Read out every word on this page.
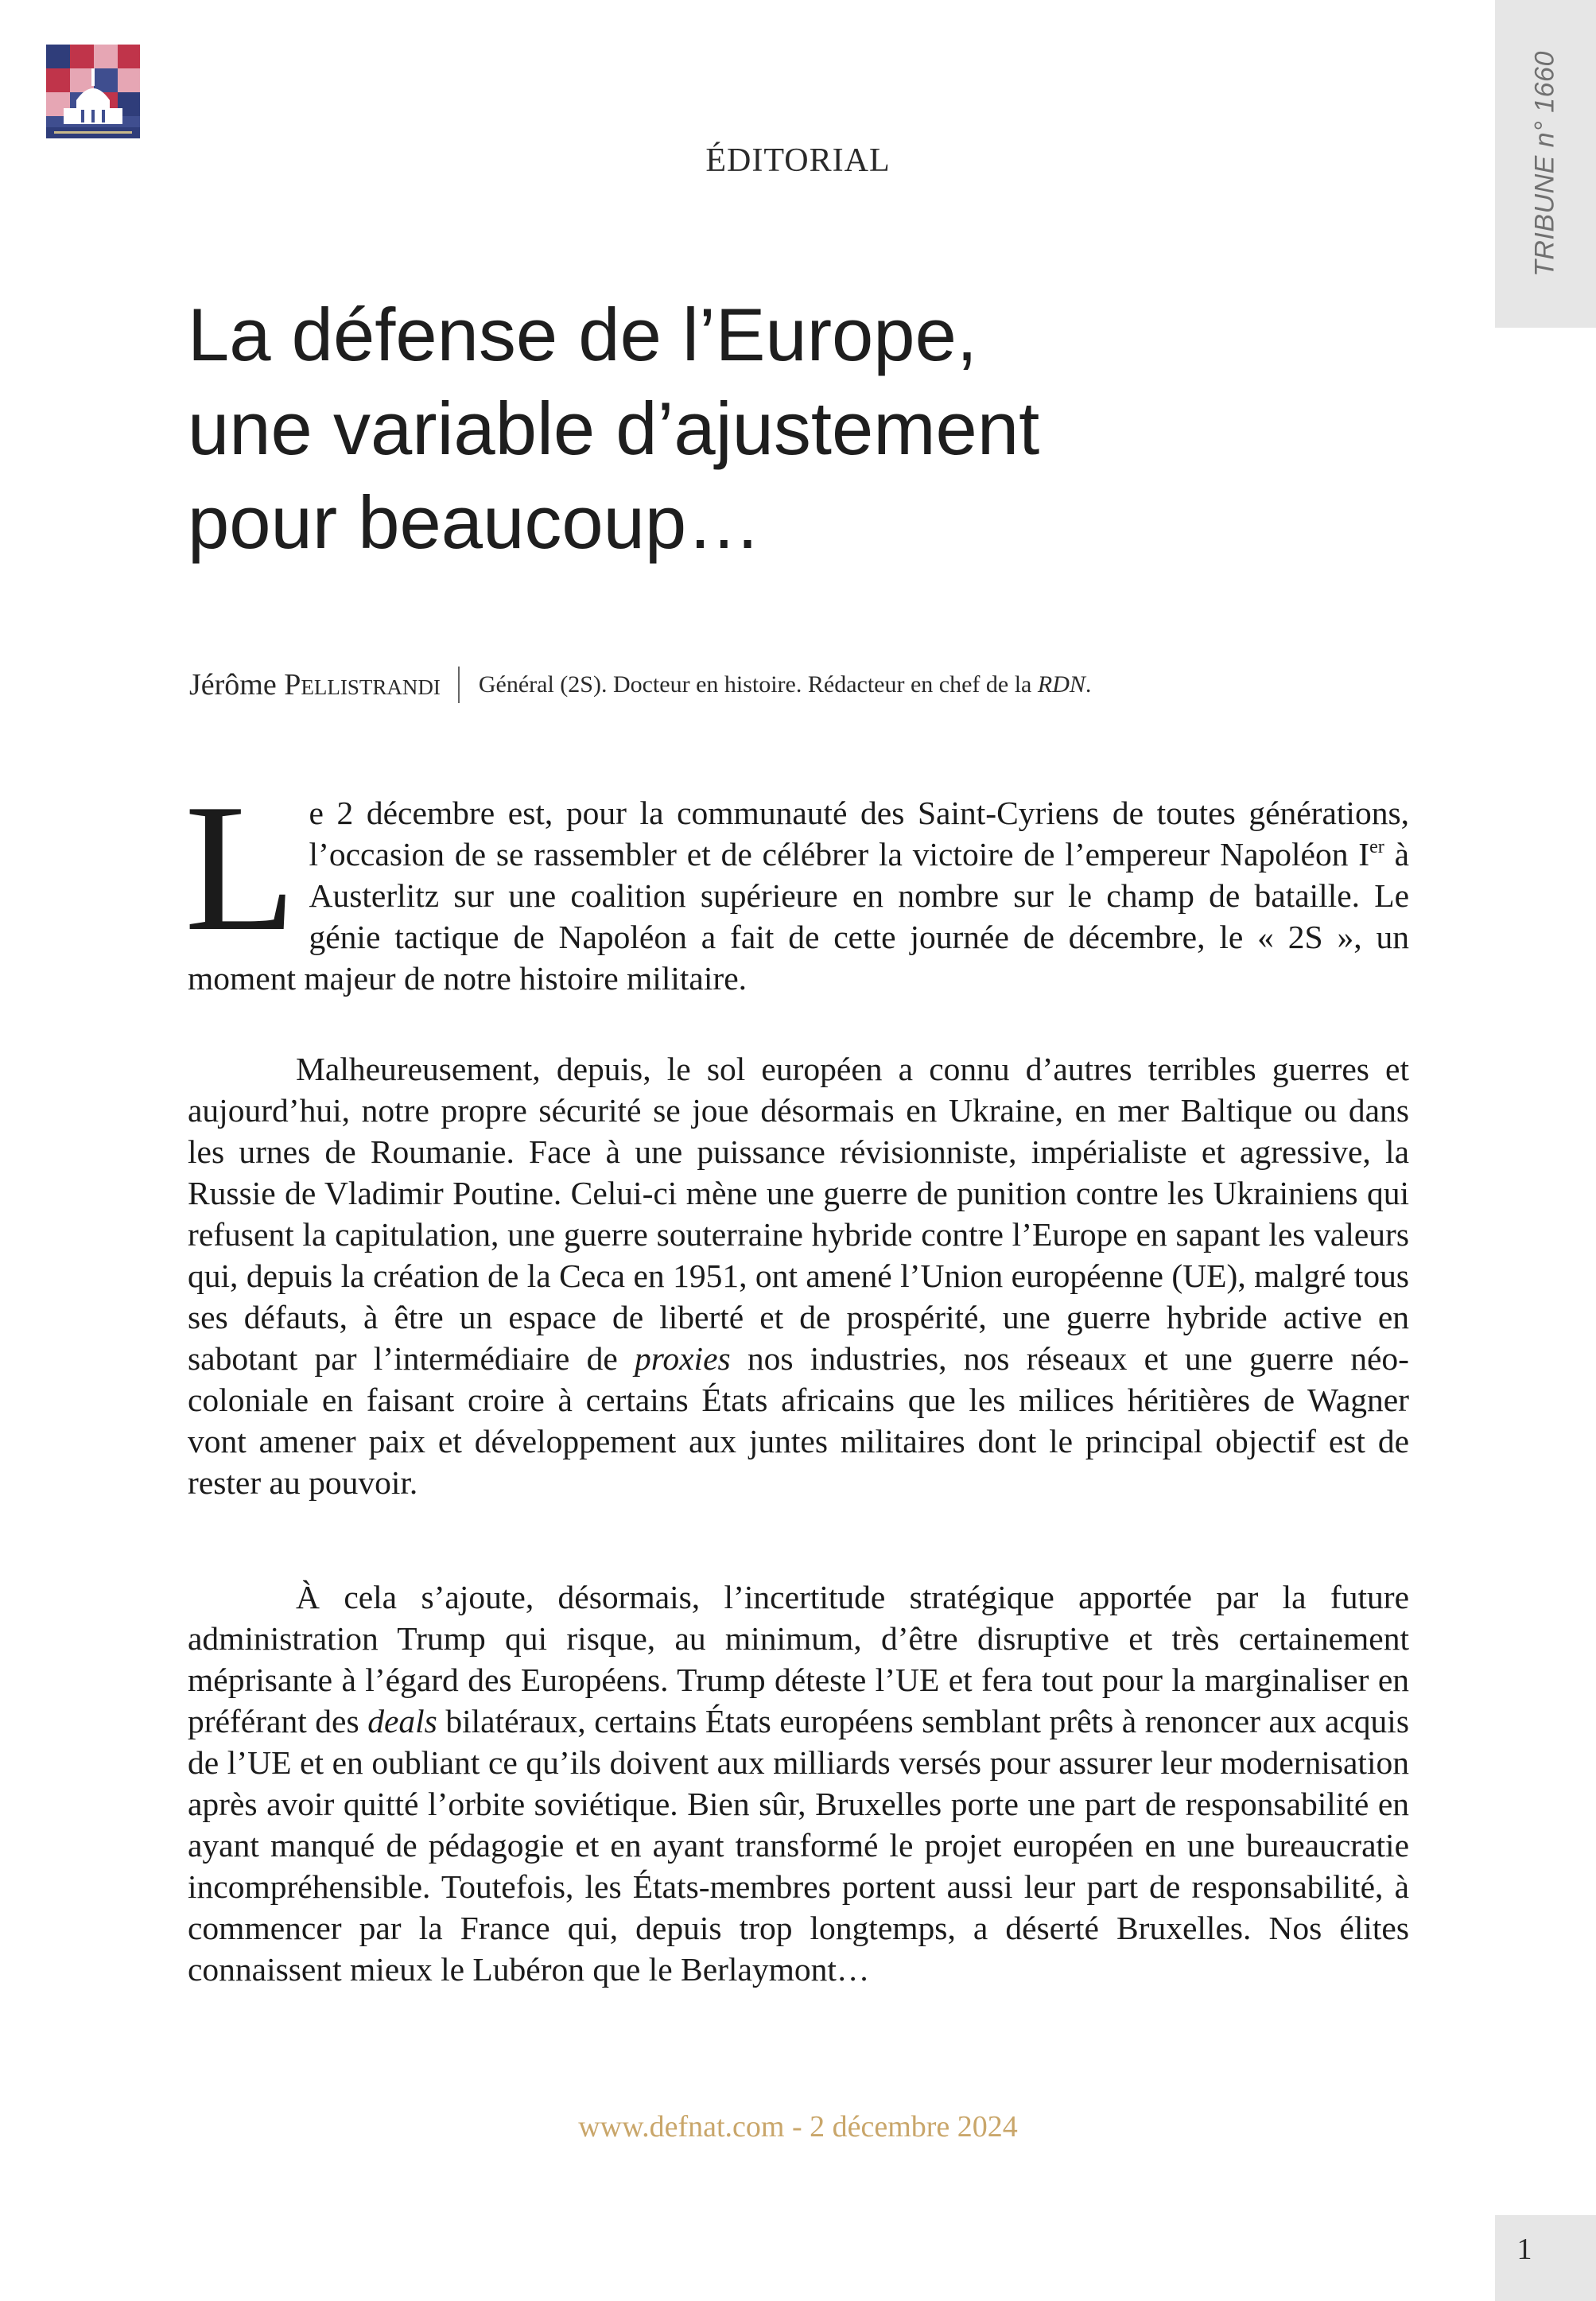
TRIBUNE n° 1660
ÉDITORIAL
La défense de l’Europe,
une variable d’ajustement
pour beaucoup…
Jérôme Pellistrandi Général (2S). Docteur en histoire. Rédacteur en chef de la RDN.

Le 2 décembre est, pour la communauté des Saint-Cyriens de toutes générations, l’occasion de se rassembler et de célébrer la victoire de l’empereur Napoléon Ier à Austerlitz sur une coalition supérieure en nombre sur le champ de bataille. Le génie tactique de Napoléon a fait de cette journée de décembre, le « 2S », un moment majeur de notre histoire militaire.

Malheureusement, depuis, le sol européen a connu d’autres terribles guerres et aujourd’hui, notre propre sécurité se joue désormais en Ukraine, en mer Baltique ou dans les urnes de Roumanie. Face à une puissance révisionniste, impérialiste et agressive, la Russie de Vladimir Poutine. Celui-ci mène une guerre de punition contre les Ukrainiens qui refusent la capitulation, une guerre souterraine hybride contre l’Europe en sapant les valeurs qui, depuis la création de la Ceca en 1951, ont amené l’Union européenne (UE), malgré tous ses défauts, à être un espace de liberté et de prospérité, une guerre hybride active en sabotant par l’intermédiaire de proxies nos industries, nos réseaux et une guerre néo-coloniale en faisant croire à certains États africains que les milices héritières de Wagner vont amener paix et développement aux juntes militaires dont le principal objectif est de rester au pouvoir.

À cela s’ajoute, désormais, l’incertitude stratégique apportée par la future administration Trump qui risque, au minimum, d’être disruptive et très certainement méprisante à l’égard des Européens. Trump déteste l’UE et fera tout pour la marginaliser en préférant des deals bilatéraux, certains États européens semblant prêts à renoncer aux acquis de l’UE et en oubliant ce qu’ils doivent aux milliards versés pour assurer leur modernisation après avoir quitté l’orbite soviétique. Bien sûr, Bruxelles porte une part de responsabilité en ayant manqué de pédagogie et en ayant transformé le projet européen en une bureaucratie incompréhensible. Toutefois, les États-membres portent aussi leur part de responsabilité, à commencer par la France qui, depuis trop longtemps, a déserté Bruxelles. Nos élites connaissent mieux le Lubéron que le Berlaymont…

www.defnat.com - 2 décembre 2024
1
